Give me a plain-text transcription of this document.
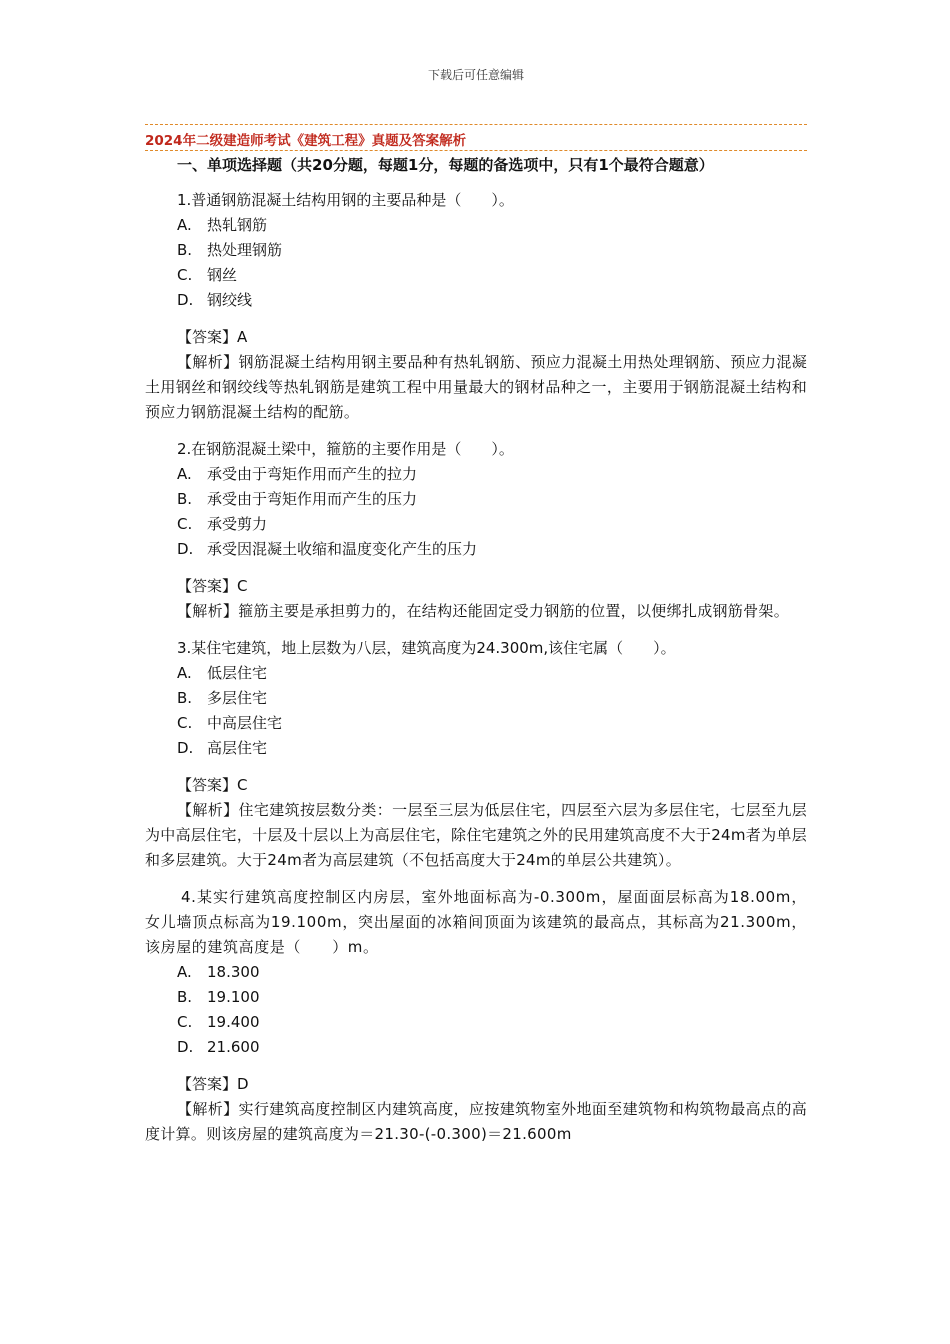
下载后可任意编辑
2024年二级建造师考试《建筑工程》真题及答案解析
一、单项选择题（共20分题，每题1分，每题的备选项中，只有1个最符合题意）
1.普通钢筋混凝土结构用钢的主要品种是（　　）。
A. 热轧钢筋
B. 热处理钢筋
C. 钢丝
D. 钢绞线
【答案】A
【解析】钢筋混凝土结构用钢主要品种有热轧钢筋、预应力混凝土用热处理钢筋、预应力混凝土用钢丝和钢绞线等热轧钢筋是建筑工程中用量最大的钢材品种之一，主要用于钢筋混凝土结构和预应力钢筋混凝土结构的配筋。
2.在钢筋混凝土梁中，箍筋的主要作用是（　　）。
A. 承受由于弯矩作用而产生的拉力
B. 承受由于弯矩作用而产生的压力
C. 承受剪力
D. 承受因混凝土收缩和温度变化产生的压力
【答案】C
【解析】箍筋主要是承担剪力的，在结构还能固定受力钢筋的位置，以便绑扎成钢筋骨架。
3.某住宅建筑，地上层数为八层，建筑高度为24.300m,该住宅属（　　）。
A. 低层住宅
B. 多层住宅
C. 中高层住宅
D. 高层住宅
【答案】C
【解析】住宅建筑按层数分类：一层至三层为低层住宅，四层至六层为多层住宅，七层至九层为中高层住宅，十层及十层以上为高层住宅，除住宅建筑之外的民用建筑高度不大于24m者为单层和多层建筑。大于24m者为高层建筑（不包括高度大于24m的单层公共建筑）。
4.某实行建筑高度控制区内房层，室外地面标高为-0.300m，屋面面层标高为18.00m，女儿墙顶点标高为19.100m，突出屋面的冰箱间顶面为该建筑的最高点，其标高为21.300m，该房屋的建筑高度是（　　）m。
A. 18.300
B. 19.100
C. 19.400
D. 21.600
【答案】D
【解析】实行建筑高度控制区内建筑高度，应按建筑物室外地面至建筑物和构筑物最高点的高度计算。则该房屋的建筑高度为＝21.30-(-0.300)＝21.600m
